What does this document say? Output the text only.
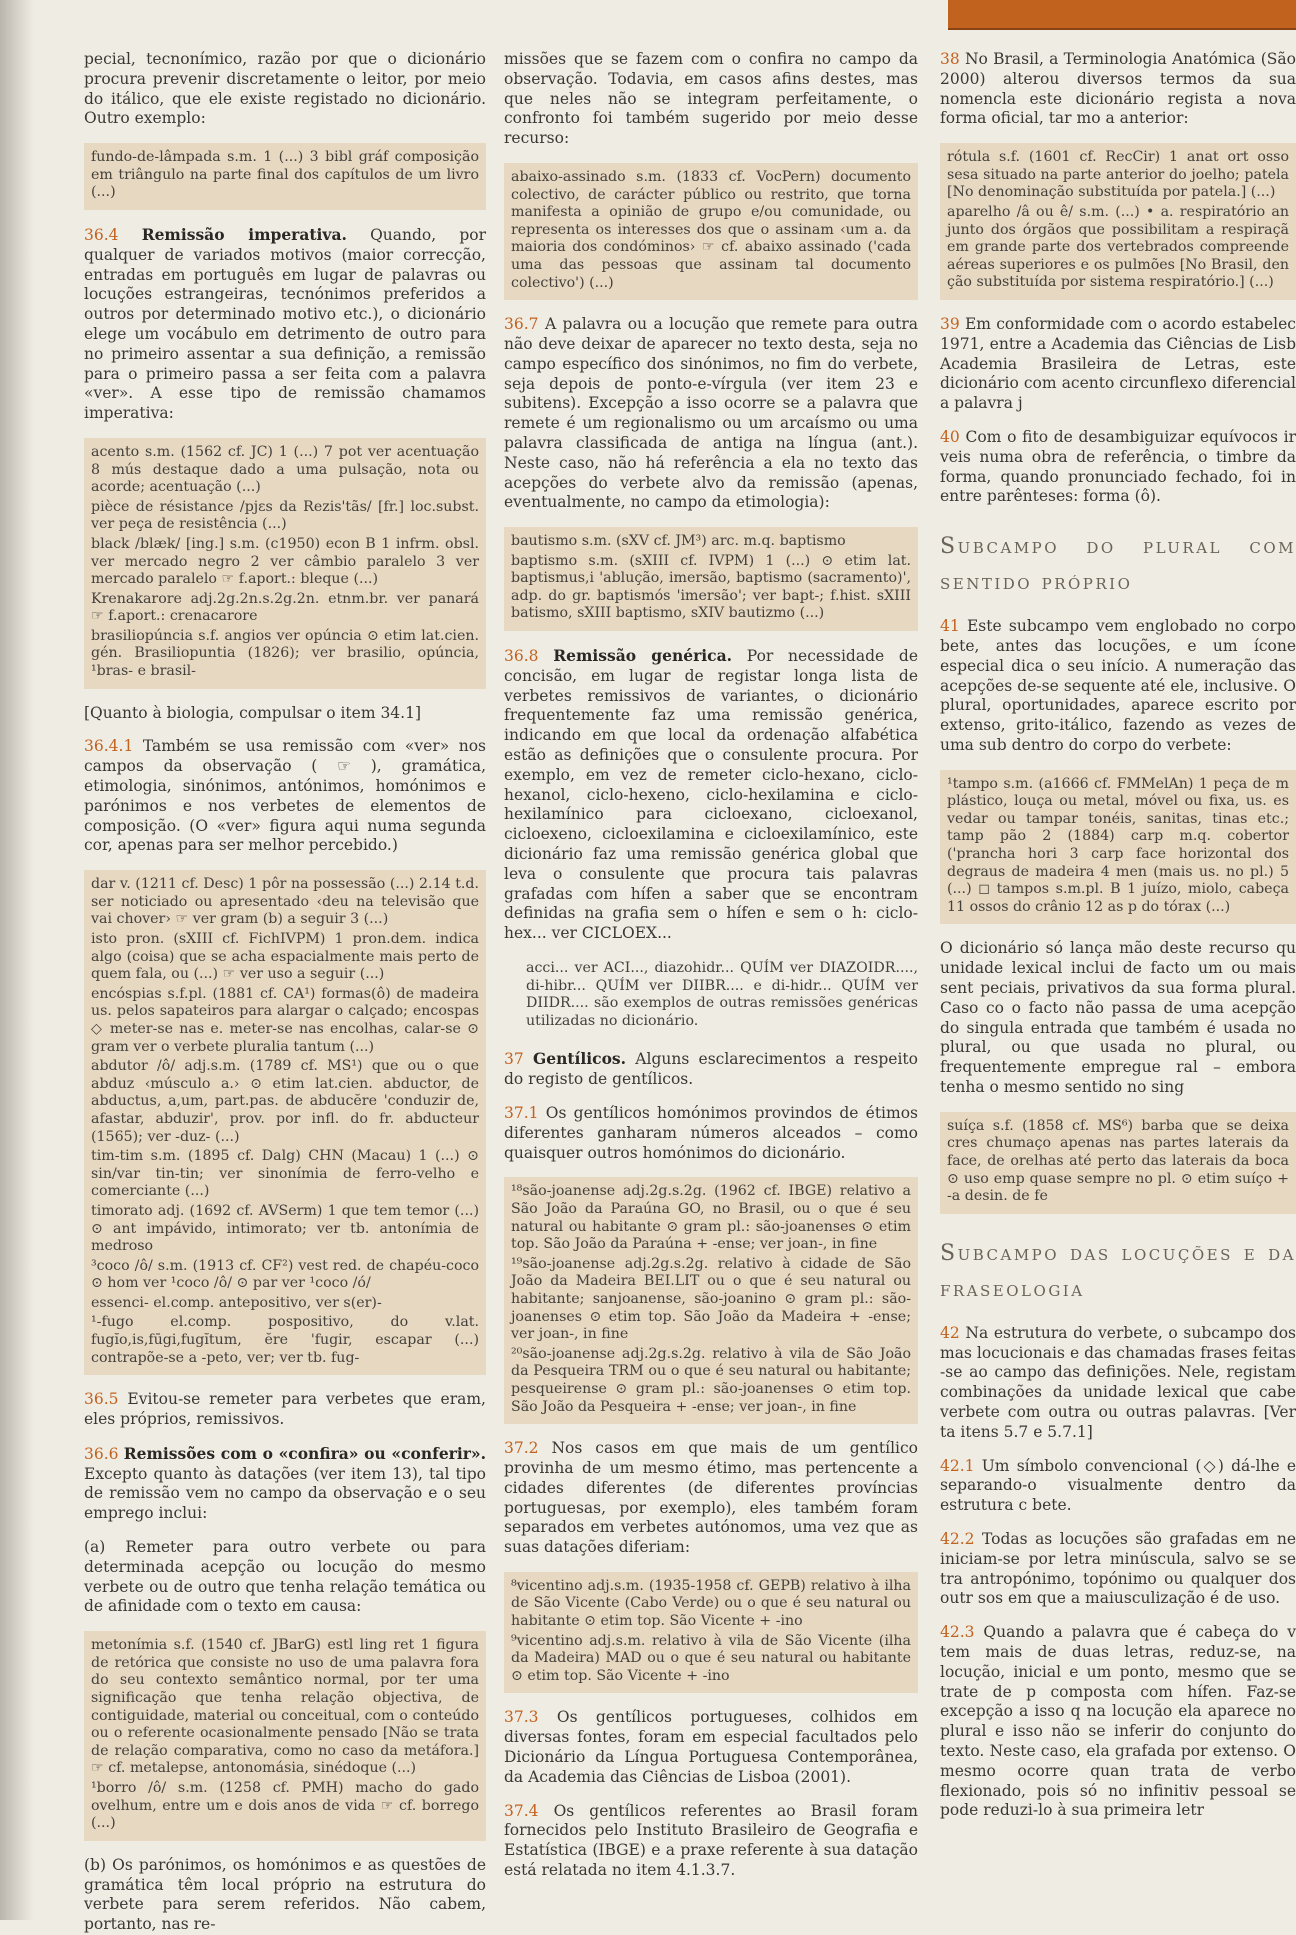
pecial, tecnonímico, razão por que o dicionário procura prevenir discretamente o leitor, por meio do itálico, que ele existe registado no dicionário. Outro exemplo:

fundo-de-lâmpada s.m. 1 (...) 3 bibl gráf composição em triângulo na parte final dos capítulos de um livro (...)

36.4 Remissão imperativa. Quando, por qualquer de variados motivos (maior correcção, entradas em português em lugar de palavras ou locuções estrangeiras, tecnónimos preferidos a outros por determinado motivo etc.), o dicionário elege um vocábulo em detrimento de outro para no primeiro assentar a sua definição, a remissão para o primeiro passa a ser feita com a palavra «ver». A esse tipo de remissão chamamos imperativa:

acento s.m. (1562 cf. JC) 1 (...) 7 pot ver acentuação 8 mús destaque dado a uma pulsação, nota ou acorde; acentuação (...)
pièce de résistance /pjɛs da Rezis'tãs/ [fr.] loc.subst. ver peça de resistência (...)
black /blæk/ [ing.] s.m. (c1950) econ B 1 infrm. obsl. ver mercado negro 2 ver câmbio paralelo 3 ver mercado paralelo ☞ f.aport.: bleque (...)
Krenakarore adj.2g.2n.s.2g.2n. etnm.br. ver panará ☞ f.aport.: crenacarore
brasiliopúncia s.f. angios ver opúncia ⊙ etim lat.cien. gén. Brasiliopuntia (1826); ver brasilio, opúncia, ¹bras- e brasil-

[Quanto à biologia, compulsar o item 34.1]

36.4.1 Também se usa remissão com «ver» nos campos da observação ( ☞ ), gramática, etimologia, sinónimos, antónimos, homónimos e parónimos e nos verbetes de elementos de composição. (O «ver» figura aqui numa segunda cor, apenas para ser melhor percebido.)

dar v. (1211 cf. Desc) 1 pôr na possessão (...) 2.14 t.d. ser noticiado ou apresentado ‹deu na televisão que vai chover› ☞ ver gram (b) a seguir 3 (...)
isto pron. (sXIII cf. FichIVPM) 1 pron.dem. indica algo (coisa) que se acha espacialmente mais perto de quem fala, ou (...) ☞ ver uso a seguir (...)
encóspias s.f.pl. (1881 cf. CA¹) formas(ô) de madeira us. pelos sapateiros para alargar o calçado; encospas ◇ meter-se nas e. meter-se nas encolhas, calar-se ⊙ gram ver o verbete pluralia tantum (...)
abdutor /ô/ adj.s.m. (1789 cf. MS¹) que ou o que abduz ‹músculo a.› ⊙ etim lat.cien. abductor, de abductus, a,um, part.pas. de abducĕre 'conduzir de, afastar, abduzir', prov. por infl. do fr. abducteur (1565); ver -duz- (...)
tim-tim s.m. (1895 cf. Dalg) CHN (Macau) 1 (...) ⊙ sin/var tin-tin; ver sinonímia de ferro-velho e comerciante (...)
timorato adj. (1692 cf. AVSerm) 1 que tem temor (...) ⊙ ant impávido, intimorato; ver tb. antonímia de medroso
³coco /ô/ s.m. (1913 cf. CF²) vest red. de chapéu-coco ⊙ hom ver ¹coco /ô/ ⊙ par ver ¹coco /ó/
essenci- el.comp. antepositivo, ver s(er)-
¹-fugo el.comp. pospositivo, do v.lat. fugĭo,is,fūgi,fugĭtum, ĕre 'fugir, escapar (...) contrapõe-se a -peto, ver; ver tb. fug-

36.5 Evitou-se remeter para verbetes que eram, eles próprios, remissivos.

36.6 Remissões com o «confira» ou «conferir». Excepto quanto às datações (ver item 13), tal tipo de remissão vem no campo da observação e o seu emprego inclui:

(a) Remeter para outro verbete ou para determinada acepção ou locução do mesmo verbete ou de outro que tenha relação temática ou de afinidade com o texto em causa:

metonímia s.f. (1540 cf. JBarG) estl ling ret 1 figura de retórica que consiste no uso de uma palavra fora do seu contexto semântico normal, por ter uma significação que tenha relação objectiva, de contiguidade, material ou conceitual, com o conteúdo ou o referente ocasionalmente pensado [Não se trata de relação comparativa, como no caso da metáfora.] ☞ cf. metalepse, antonomásia, sinédoque (...)
¹borro /ô/ s.m. (1258 cf. PMH) macho do gado ovelhum, entre um e dois anos de vida ☞ cf. borrego (...)

(b) Os parónimos, os homónimos e as questões de gramática têm local próprio na estrutura do verbete para serem referidos. Não cabem, portanto, nas re-

missões que se fazem com o confira no campo da observação. Todavia, em casos afins destes, mas que neles não se integram perfeitamente, o confronto foi também sugerido por meio desse recurso:

abaixo-assinado s.m. (1833 cf. VocPern) documento colectivo, de carácter público ou restrito, que torna manifesta a opinião de grupo e/ou comunidade, ou representa os interesses dos que o assinam ‹um a. da maioria dos condóminos› ☞ cf. abaixo assinado ('cada uma das pessoas que assinam tal documento colectivo') (...)

36.7 A palavra ou a locução que remete para outra não deve deixar de aparecer no texto desta, seja no campo específico dos sinónimos, no fim do verbete, seja depois de ponto-e-vírgula (ver item 23 e subitens). Excepção a isso ocorre se a palavra que remete é um regionalismo ou um arcaísmo ou uma palavra classificada de antiga na língua (ant.). Neste caso, não há referência a ela no texto das acepções do verbete alvo da remissão (apenas, eventualmente, no campo da etimologia):

bautismo s.m. (sXV cf. JM³) arc. m.q. baptismo
baptismo s.m. (sXIII cf. IVPM) 1 (...) ⊙ etim lat. baptismus,i 'ablução, imersão, baptismo (sacramento)', adp. do gr. baptismós 'imersão'; ver bapt-; f.hist. sXIII batismo, sXIII baptismo, sXIV bautizmo (...)

36.8 Remissão genérica. Por necessidade de concisão, em lugar de registar longa lista de verbetes remissivos de variantes, o dicionário frequentemente faz uma remissão genérica, indicando em que local da ordenação alfabética estão as definições que o consulente procura. Por exemplo, em vez de remeter ciclo-hexano, ciclo-hexanol, ciclo-hexeno, ciclo-hexilamina e ciclo-hexilamínico para cicloexano, cicloexanol, cicloexeno, cicloexilamina e cicloexilamínico, este dicionário faz uma remissão genérica global que leva o consulente que procura tais palavras grafadas com hífen a saber que se encontram definidas na grafia sem o hífen e sem o h: ciclo-hex... ver CICLOEX...

acci... ver ACI..., diazohidr... QUÍM ver DIAZOIDR...., di-hibr... QUÍM ver DIIBR.... e di-hidr... QUÍM ver DIIDR.... são exemplos de outras remissões genéricas utilizadas no dicionário.

37 Gentílicos. Alguns esclarecimentos a respeito do registo de gentílicos.

37.1 Os gentílicos homónimos provindos de étimos diferentes ganharam números alceados – como quaisquer outros homónimos do dicionário.

¹⁸são-joanense adj.2g.s.2g. (1962 cf. IBGE) relativo a São João da Paraúna GO, no Brasil, ou o que é seu natural ou habitante ⊙ gram pl.: são-joanenses ⊙ etim top. São João da Paraúna + -ense; ver joan-, in fine
¹⁹são-joanense adj.2g.s.2g. relativo à cidade de São João da Madeira BEI.LIT ou o que é seu natural ou habitante; sanjoanense, são-joanino ⊙ gram pl.: são-joanenses ⊙ etim top. São João da Madeira + -ense; ver joan-, in fine
²⁰são-joanense adj.2g.s.2g. relativo à vila de São João da Pesqueira TRM ou o que é seu natural ou habitante; pesqueirense ⊙ gram pl.: são-joanenses ⊙ etim top. São João da Pesqueira + -ense; ver joan-, in fine

37.2 Nos casos em que mais de um gentílico provinha de um mesmo étimo, mas pertencente a cidades diferentes (de diferentes províncias portuguesas, por exemplo), eles também foram separados em verbetes autónomos, uma vez que as suas datações diferiam:

⁸vicentino adj.s.m. (1935-1958 cf. GEPB) relativo à ilha de São Vicente (Cabo Verde) ou o que é seu natural ou habitante ⊙ etim top. São Vicente + -ino
⁹vicentino adj.s.m. relativo à vila de São Vicente (ilha da Madeira) MAD ou o que é seu natural ou habitante ⊙ etim top. São Vicente + -ino

37.3 Os gentílicos portugueses, colhidos em diversas fontes, foram em especial facultados pelo Dicionário da Língua Portuguesa Contemporânea, da Academia das Ciências de Lisboa (2001).

37.4 Os gentílicos referentes ao Brasil foram fornecidos pelo Instituto Brasileiro de Geografia e Estatística (IBGE) e a praxe referente à sua datação está relatada no item 4.1.3.7.

38 No Brasil, a Terminologia Anatómica (São 2000) alterou diversos termos da sua nomencla este dicionário regista a nova forma oficial, tar mo a anterior:

rótula s.f. (1601 cf. RecCir) 1 anat ort osso sesa situado na parte anterior do joelho; patela [No denominação substituída por patela.] (...)
aparelho /â ou ê/ s.m. (...) • a. respiratório an junto dos órgãos que possibilitam a respiraçã em grande parte dos vertebrados compreende aéreas superiores e os pulmões [No Brasil, den ção substituída por sistema respiratório.] (...)

39 Em conformidade com o acordo estabelec 1971, entre a Academia das Ciências de Lisb Academia Brasileira de Letras, este dicionário com acento circunflexo diferencial a palavra j

40 Com o fito de desambiguizar equívocos ir veis numa obra de referência, o timbre da forma, quando pronunciado fechado, foi in entre parênteses: forma (ô).

Subcampo do plural com sentido próprio

41 Este subcampo vem englobado no corpo bete, antes das locuções, e um ícone especial dica o seu início. A numeração das acepções de-se sequente até ele, inclusive. O plural, oportunidades, aparece escrito por extenso, grito-itálico, fazendo as vezes de uma sub dentro do corpo do verbete:

¹tampo s.m. (a1666 cf. FMMelAn) 1 peça de m plástico, louça ou metal, móvel ou fixa, us. es vedar ou tampar tonéis, sanitas, tinas etc.; tamp pão 2 (1884) carp m.q. cobertor ('prancha hori 3 carp face horizontal dos degraus de madeira 4 men (mais us. no pl.) 5 (...) ◻ tampos s.m.pl. B 1 juízo, miolo, cabeça 11 ossos do crânio 12 as p do tórax (...)

O dicionário só lança mão deste recurso qu unidade lexical inclui de facto um ou mais sent peciais, privativos da sua forma plural. Caso co o facto não passa de uma acepção do singula entrada que também é usada no plural, ou que usada no plural, ou frequentemente empregue ral – embora tenha o mesmo sentido no sing

suíça s.f. (1858 cf. MS⁶) barba que se deixa cres chumaço apenas nas partes laterais da face, de orelhas até perto das laterais da boca ⊙ uso emp quase sempre no pl. ⊙ etim suíço + -a desin. de fe
Subcampo das locuções e da fraseologia

42 Na estrutura do verbete, o subcampo dos mas locucionais e das chamadas frases feitas -se ao campo das definições. Nele, registam combinações da unidade lexical que cabe verbete com outra ou outras palavras. [Ver ta itens 5.7 e 5.7.1]

42.1 Um símbolo convencional (◇) dá-lhe e separando-o visualmente dentro da estrutura c bete.

42.2 Todas as locuções são grafadas em ne iniciam-se por letra minúscula, salvo se se tra antropónimo, topónimo ou qualquer dos outr sos em que a maiusculização é de uso.

42.3 Quando a palavra que é cabeça do v tem mais de duas letras, reduz-se, na locução, inicial e um ponto, mesmo que se trate de p composta com hífen. Faz-se excepção a isso q na locução ela aparece no plural e isso não se inferir do conjunto do texto. Neste caso, ela grafada por extenso. O mesmo ocorre quan trata de verbo flexionado, pois só no infinitiv pessoal se pode reduzi-lo à sua primeira letr
